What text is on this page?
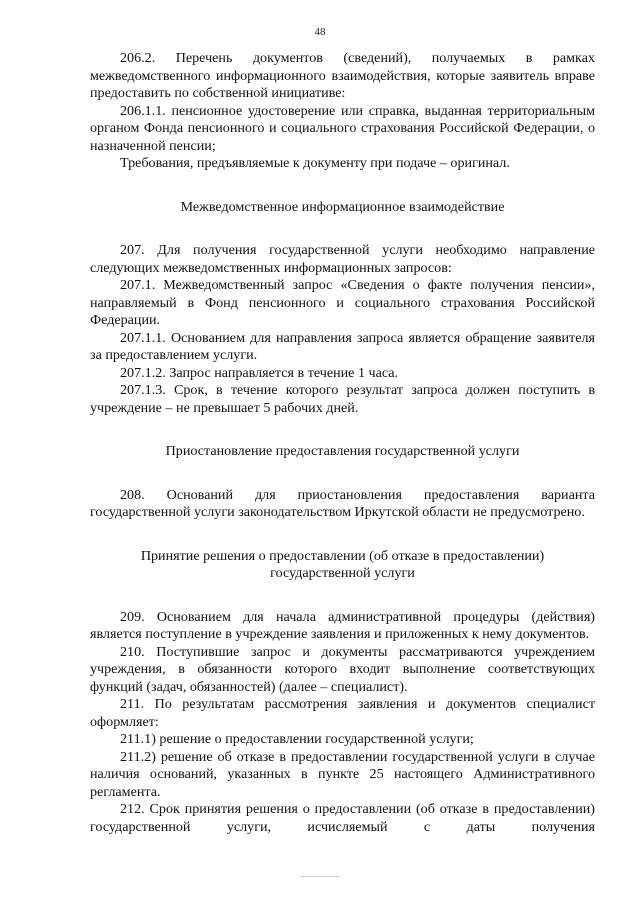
48

206.2. Перечень документов (сведений), получаемых в рамках межведомственного информационного взаимодействия, которые заявитель вправе предоставить по собственной инициативе:

206.1.1. пенсионное удостоверение или справка, выданная территориальным органом Фонда пенсионного и социального страхования Российской Федерации, о назначенной пенсии;

Требования, предъявляемые к документу при подаче – оригинал.

Межведомственное информационное взаимодействие

207. Для получения государственной услуги необходимо направление следующих межведомственных информационных запросов:

207.1. Межведомственный запрос «Сведения о факте получения пенсии», направляемый в Фонд пенсионного и социального страхования Российской Федерации.

207.1.1. Основанием для направления запроса является обращение заявителя за предоставлением услуги.

207.1.2. Запрос направляется в течение 1 часа.

207.1.3. Срок, в течение которого результат запроса должен поступить в учреждение – не превышает 5 рабочих дней.

Приостановление предоставления государственной услуги

208. Оснований для приостановления предоставления варианта государственной услуги законодательством Иркутской области не предусмотрено.

Принятие решения о предоставлении (об отказе в предоставлении) государственной услуги

209. Основанием для начала административной процедуры (действия) является поступление в учреждение заявления и приложенных к нему документов.

210. Поступившие запрос и документы рассматриваются учреждением учреждения, в обязанности которого входит выполнение соответствующих функций (задач, обязанностей) (далее – специалист).

211. По результатам рассмотрения заявления и документов специалист оформляет:

211.1) решение о предоставлении государственной услуги;

211.2) решение об отказе в предоставлении государственной услуги в случае наличия оснований, указанных в пункте 25 настоящего Административного регламента.

212. Срок принятия решения о предоставлении (об отказе в предоставлении) государственной услуги, исчисляемый с даты получения
